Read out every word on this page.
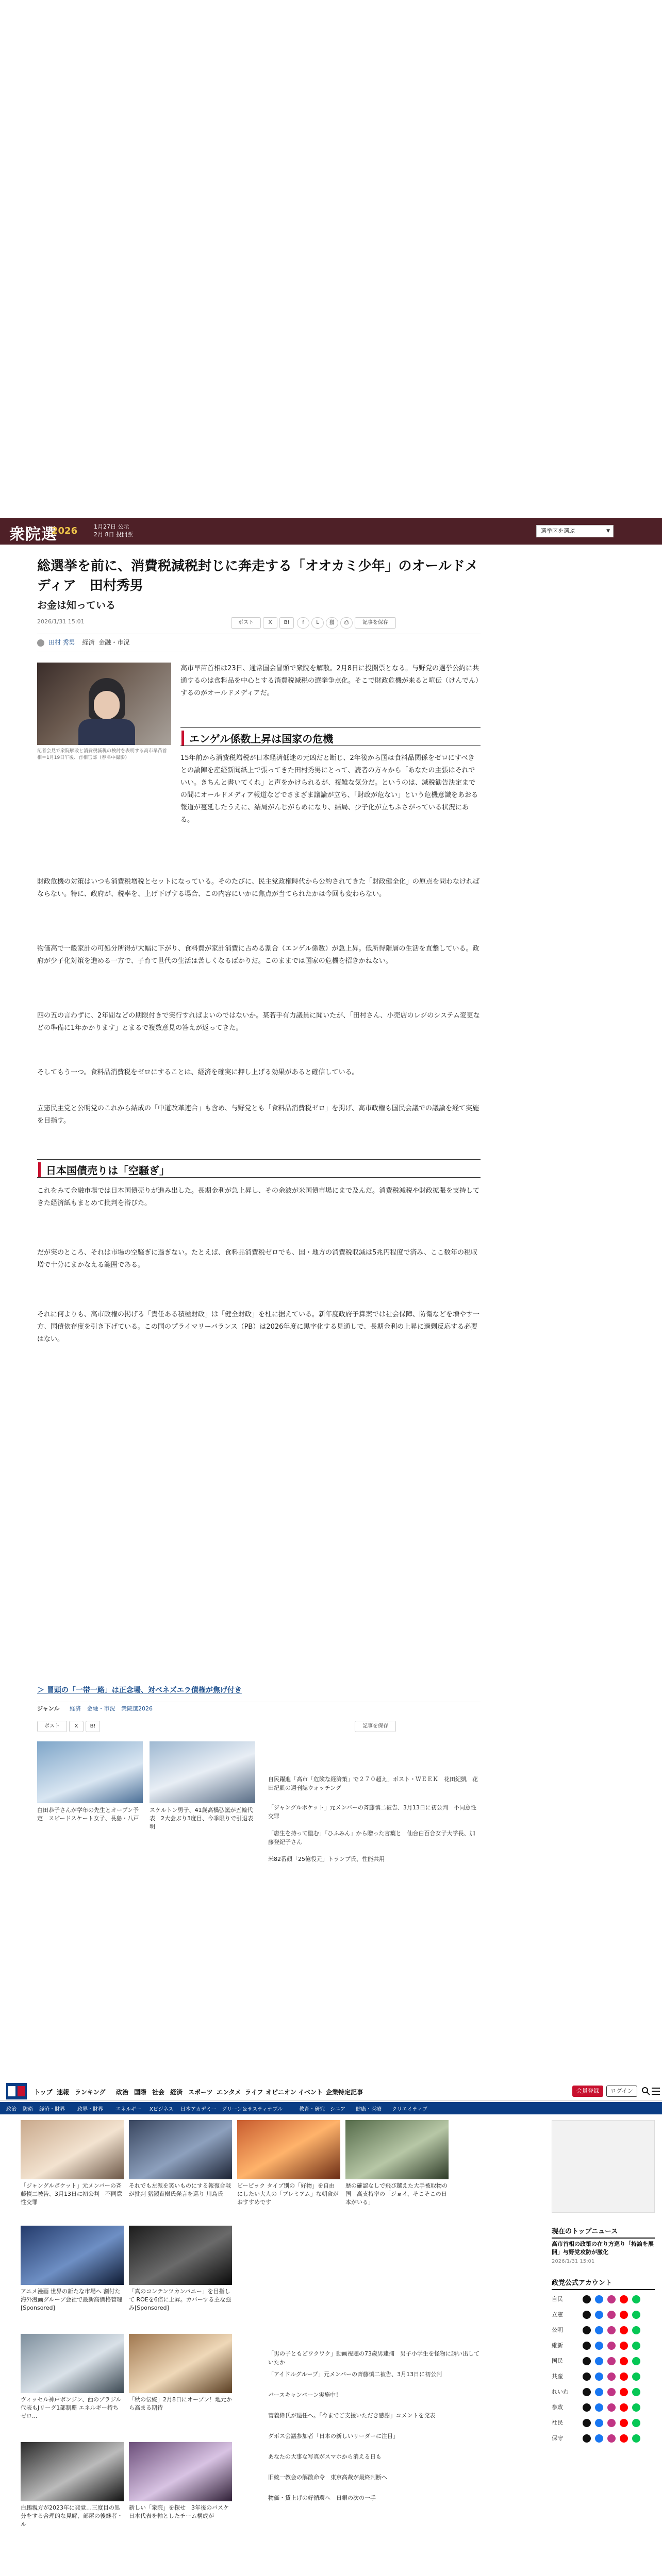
衆院選
2026	1月27日 公示
2月 8日 投開票
選挙区を選ぶ	▼
総選挙を前に、消費税減税封じに奔走する「オオカミ少年」のオールドメディア　田村秀男
お金は知っている
2026/1/31 15:01	ポスト	X	B!	f	L	⛓	⎙	記事を保存
田村 秀男 経済 金融・市況
記者会見で衆院解散と消費税減税の検討を表明する高市早苗首相＝1月19日午後、首相官邸（春名中撮影）

高市早苗首相は23日、通常国会冒頭で衆院を解散。2月8日に投開票となる。与野党の選挙公約に共通するのは食料品を中心とする消費税減税の選挙争点化。そこで財政危機が来ると喧伝（けんでん）するのがオールドメディアだ。

エンゲル係数上昇は国家の危機

15年前から消費税増税が日本経済低迷の元凶だと断じ、2年後から国は食料品関係をゼロにすべきとの論陣を産経新聞紙上で張ってきた田村秀男にとって、読者の方々から「あなたの主張はそれでいい。きちんと書いてくれ」と声をかけられるが、複雑な気分だ。というのは、減税勧告決定までの間にオールドメディア報道などでさまざま議論が立ち、「財政が危ない」という危機意識をあおる報道が蔓延したうえに、結局がんじがらめになり、結局、少子化が立ちふさがっている状況にある。

財政危機の対策はいつも消費税増税とセットになっている。そのたびに、民主党政権時代から公約されてきた「財政健全化」の原点を問わなければならない。特に、政府が、税率を、上げ下げする場合、この内容にいかに焦点が当てられたかは今回も変わらない。

物価高で一般家計の可処分所得が大幅に下がり、食料費が家計消費に占める割合（エンゲル係数）が急上昇。低所得階層の生活を直撃している。政府が少子化対策を進める一方で、子育て世代の生活は苦しくなるばかりだ。このままでは国家の危機を招きかねない。

四の五の言わずに、2年間などの期限付きで実行すればよいのではないか。某若手有力議員に聞いたが、「田村さん、小売店のレジのシステム変更などの準備に1年かかります」とまるで複数意見の答えが返ってきた。

そしてもう一つ。食料品消費税をゼロにすることは、経済を確実に押し上げる効果があると確信している。

立憲民主党と公明党のこれから結成の「中道改革連合」も含め、与野党とも「食料品消費税ゼロ」を掲げ、高市政権も国民会議での議論を経て実施を目指す。

日本国債売りは「空騒ぎ」

これをみて金融市場では日本国債売りが進み出した。長期金利が急上昇し、その余波が米国債市場にまで及んだ。消費税減税や財政拡張を支持してきた経済紙もまとめて批判を浴びた。

だが実のところ、それは市場の空騒ぎに過ぎない。たとえば、食料品消費税ゼロでも、国・地方の消費税収減は5兆円程度で済み、ここ数年の税収増で十分にまかなえる範囲である。

それに何よりも、高市政権の掲げる「責任ある積極財政」は「健全財政」を柱に据えている。新年度政府予算案では社会保障、防衛などを増やす一方、国債依存度を引き下げている。この国のプライマリーバランス（PB）は2026年度に黒字化する見通しで、長期金利の上昇に過剰反応する必要はない。

＞ 冒頭の「一帯一路」は正念場、対ベネズエラ債権が焦げ付き
ジャンル 経済 金融・市況 衆院選2026
ポスト	X	B!	記事を保存
白田恭子さんが学年の先生とオープン予定　スピードスケート女子、長島・八戸
スケルトン男子、41歳高橋弘篤が五輪代表　2大会ぶり3度目、今季限りで引退表明
自民躍進「高市「危険な経済策」で２７０超え」ポスト・ＷＥＥＫ　花田紀凱　花田紀凱の週刊誌ウォッチング
「ジャングルポケット」元メンバーの斉藤慎二被告、3月13日に初公判　不同意性交罪
「唐生を持って臨む」「ひふみん」から贈った言葉と　仙台白百合女子大学長、加藤登紀子さん
米82番顔「25億役元」トランプ氏、性能共用
トップ 速報 ランキング 政治 国際 社会 経済 スポーツ エンタメ ライフ オピニオン イベント 企業特定記事	会員登録	ログイン
政治 防衛 経済・財界 政界・財界 エネルギー Xビジネス 日本アカデミー グリーン＆サスティナブル	教育・研究 シニア 健康・医療 クリエイティブ
「ジャングルポケット」元メンバーの斉藤慎二被告、3月13日に初公判　不同意性交罪
それでも左派を笑いものにする報復合戦が批判 猪瀬直樹氏発言を巡り 川島氏
ビーピック タイプ別の「好物」を自由にしたい大人の「プレミアム」な朝食がおすすめです
歴の確認なしで飛び越えた大手被取物の国　高支持率の「ジョイ、そこそこの日本がいる」
アニメ漫画 世界の新たな市場へ 割付た海外漫画グループ会社で最新高価格管理[Sponsored]
「真のコンテンツカンパニー」を目指して ROEを6倍に上昇。カバーする主な強み[Sponsored]
ヴィッセル神戸ボンジン、西のブラジル代表もJリーグ1部制覇 エネルギー持ちゼロ...
「秋の伝統」2月8日にオープン！地元から高まる期待
白鵬親方が2023年に発覚…三度目の処分をする合理的な見解、部屋の後継者・ル
新しい「衆院」を探せ　3年後のバスケ日本代表を軸としたチーム構成が
「男の子ともどワクワク」動画視聴の73歳男逮捕　男子小学生を怪物に誘い出していたか
「アイドルグループ」元メンバーの斉藤慎二被告、3月13日に初公判
バースキャンペーン実施中！
菅義偉氏が退任へ。「今までご支援いただき感謝」コメントを発表
ダボス会議参加者「日本の新しいリーダーに注目」
あなたの大事な写真がスマホから消える日も
旧統一教会の解散命令　東京高裁が最終判断へ
物価・賃上げの好循環へ　日銀の次の一手
現在のトップニュース
高市首相の政策の在り方巡り「持論を展開」与野党攻防が激化
2026/1/31 15:01
政党公式アカウント
自民
立憲
公明
維新
国民
共産
れいわ
参政
社民
保守
